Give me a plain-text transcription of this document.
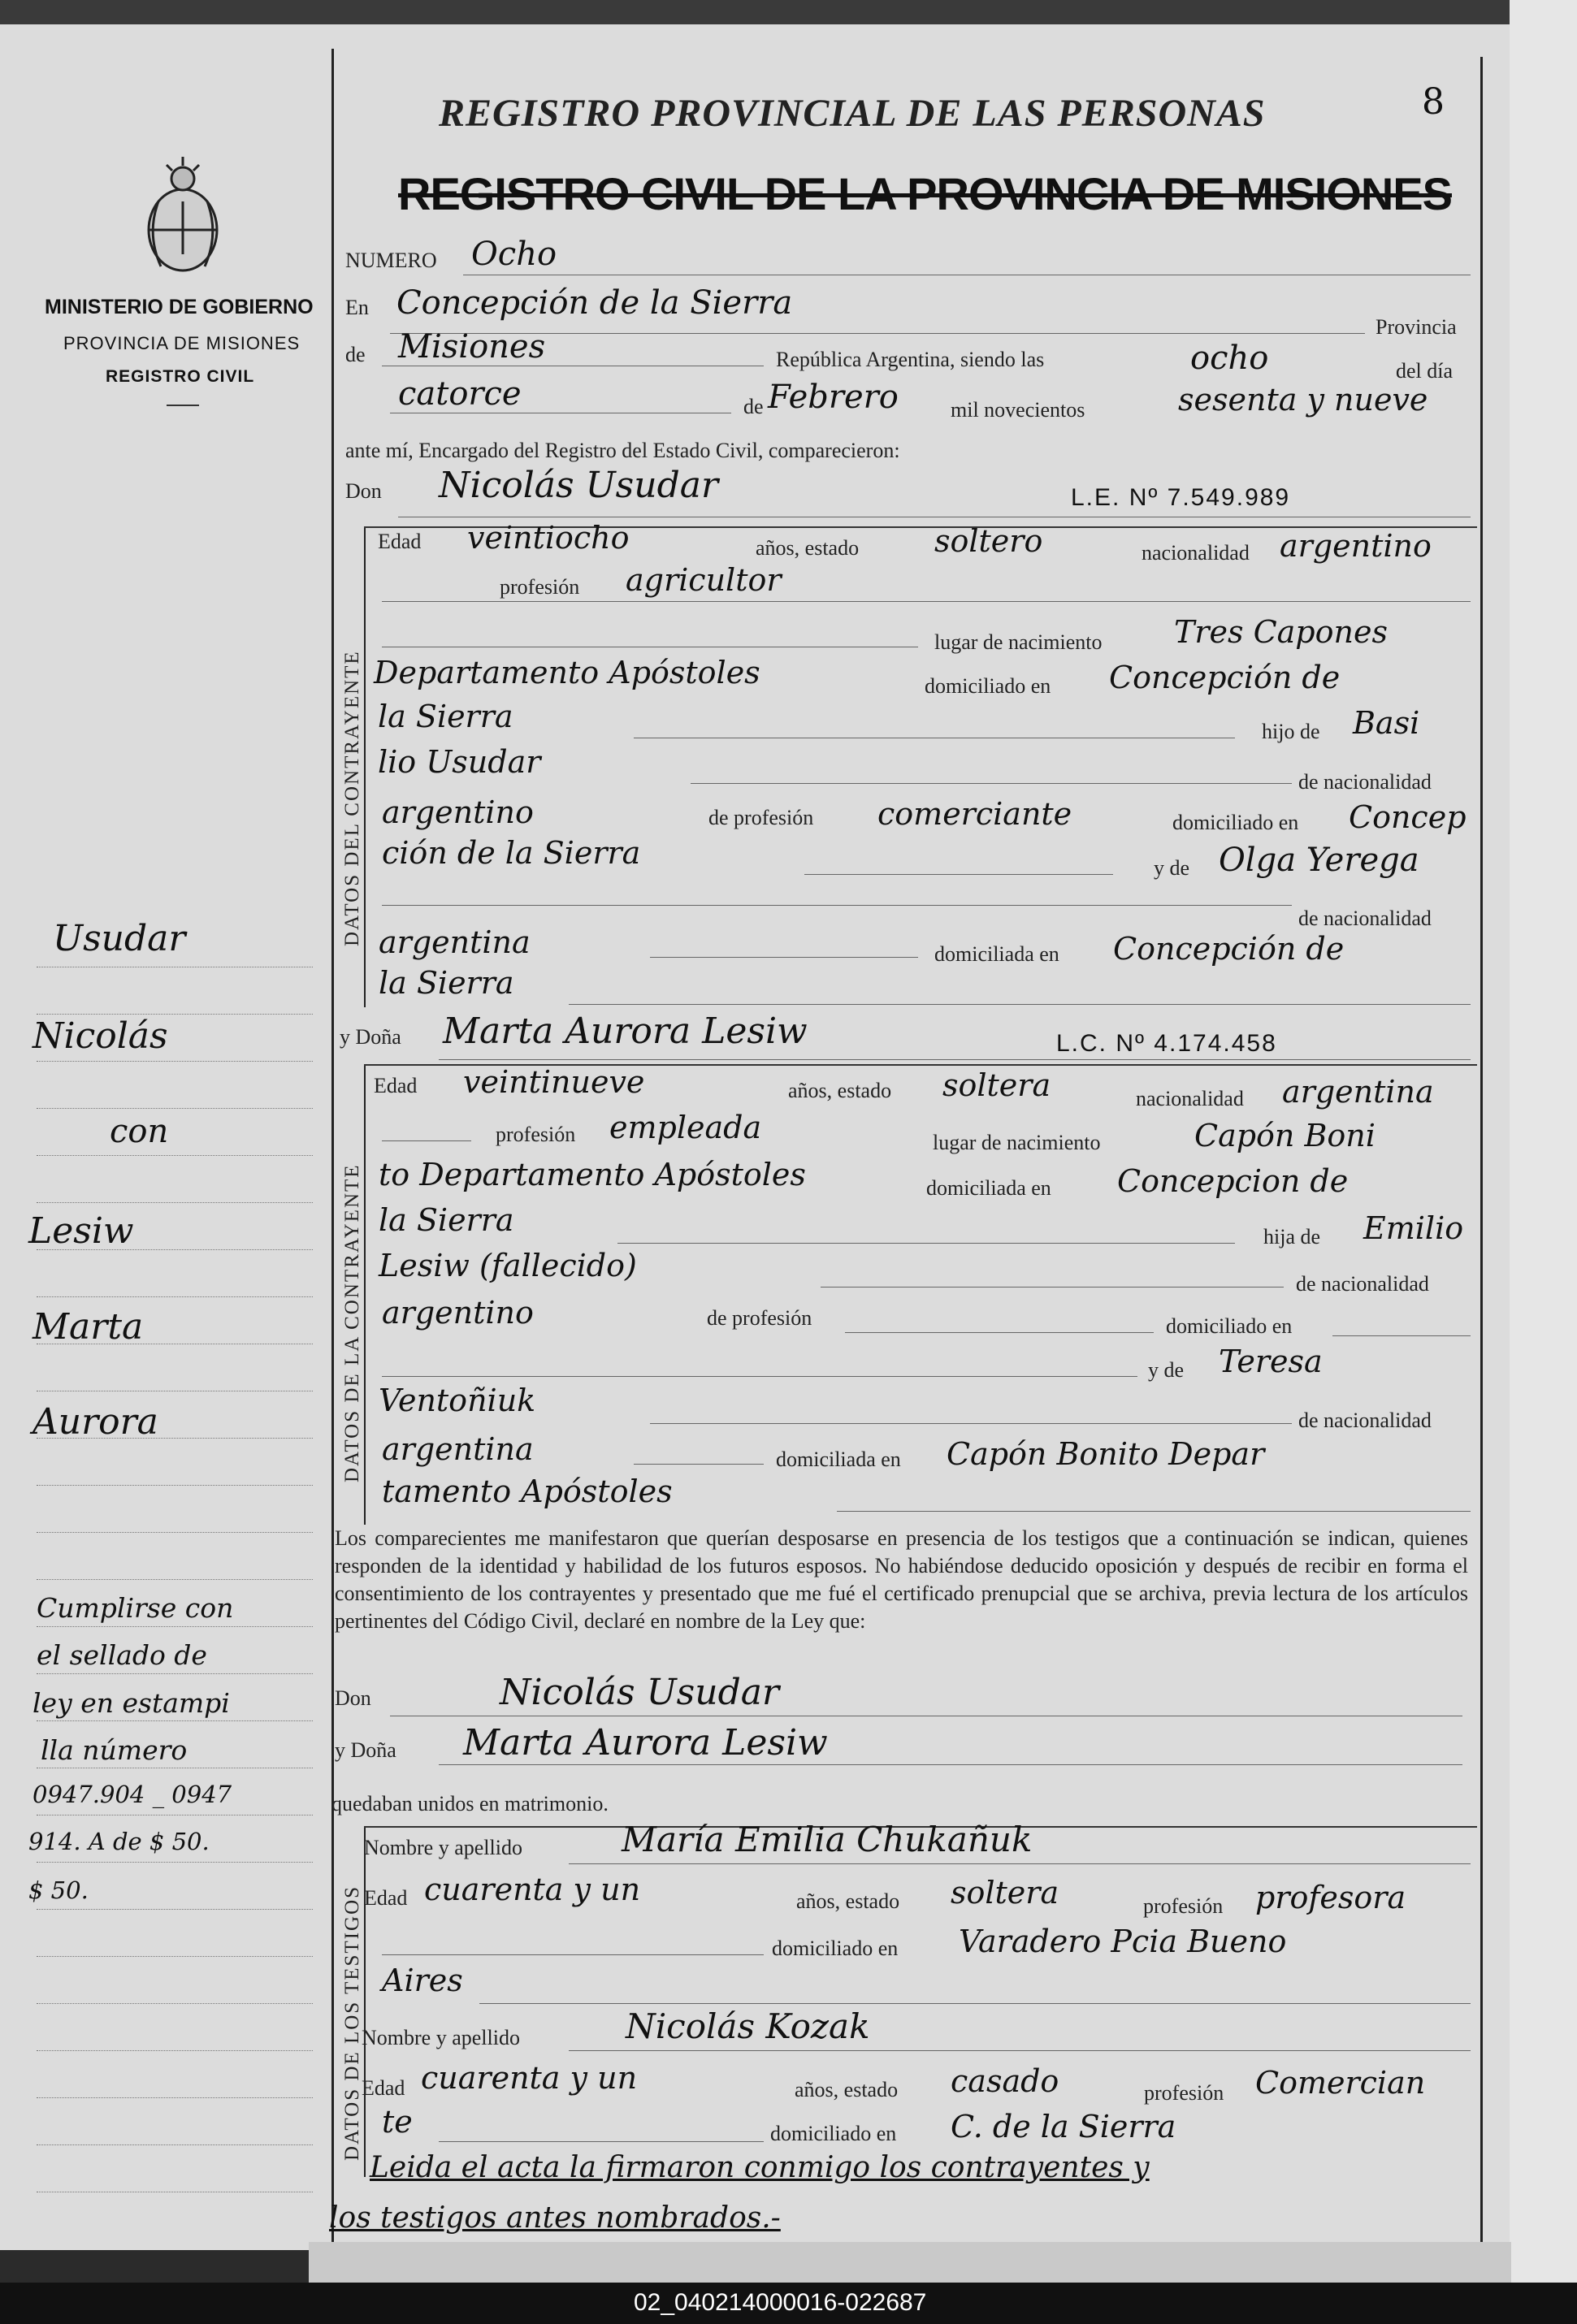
8
REGISTRO PROVINCIAL DE LAS PERSONAS
REGISTRO CIVIL DE LA PROVINCIA DE MISIONES
MINISTERIO DE GOBIERNO
PROVINCIA DE MISIONES
REGISTRO CIVIL
Usudar
Nicolás
con
Lesiw
Marta
Aurora
Cumplirse con
el sellado de
ley en estampi
lla número
0947.904 _ 0947
914. A de $ 50.
$ 50.
NUMERO Ocho
En Concepción de la Sierra
Provincia
de Misiones	República Argentina, siendo las	ocho	del día
catorce	de Febrero mil novecientos	sesenta y nueve
ante mí, Encargado del Registro del Estado Civil, comparecieron:
Don Nicolás Usudar	L.E. Nº 7.549.989
DATOS DEL CONTRAYENTE
Edad veintiocho	años, estado soltero	nacionalidad argentino
profesión agricultor
lugar de nacimiento Tres Capones
Departamento Apóstoles	domiciliado en Concepción de
la Sierra	hijo de Basi
lio Usudar
de nacionalidad
argentino	de profesión comerciante	domiciliado en Concep
ción de la Sierra	y de Olga Yerega
de nacionalidad
argentina	domiciliada en Concepción de
la Sierra
y Doña Marta Aurora Lesiw	L.C. Nº 4.174.458
DATOS DE LA CONTRAYENTE
Edad veintinueve	años, estado soltera	nacionalidad argentina
profesión empleada	lugar de nacimiento	Capón Boni
to Departamento Apóstoles	domiciliada en Concepcion de
la Sierra	hija de Emilio
Lesiw (fallecido)
de nacionalidad
argentino	de profesión	domiciliado en
y de Teresa
Ventoñiuk
de nacionalidad
argentina	domiciliada en Capón Bonito Depar
tamento Apóstoles
Los comparecientes me manifestaron que querían desposarse en presencia de los testigos que a continuación se indican, quienes responden de la identidad y habilidad de los futuros esposos. No habiéndose deducido oposición y después de recibir en forma el consentimiento de los contrayentes y presentado que me fué el certificado prenupcial que se archiva, previa lectura de los artículos pertinentes del Código Civil, declaré en nombre de la Ley que:
Don	Nicolás Usudar
y Doña Marta Aurora Lesiw
quedaban unidos en matrimonio.
DATOS DE LOS TESTIGOS
Nombre y apellido	María Emilia Chukañuk
Edad cuarenta y un	años, estado soltera	profesión profesora
domiciliado en Varadero Pcia Bueno
Aires
Nombre y apellido	Nicolás Kozak
Edad cuarenta y un	años, estado casado	profesión Comercian
te	domiciliado en C. de la Sierra
Leida el acta la firmaron conmigo los contrayentes y
los testigos antes nombrados.-
02_040214000016-022687
